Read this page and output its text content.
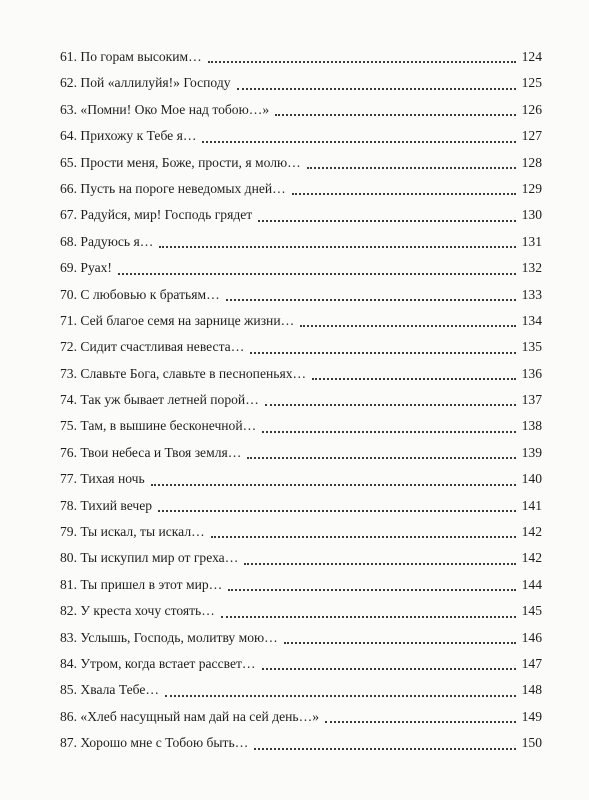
61. По горам высоким…	124
62. Пой «аллилуйя!» Господу	125
63. «Помни! Око Мое над тобою…»	126
64. Прихожу к Тебе я…	127
65. Прости меня, Боже, прости, я молю…	128
66. Пусть на пороге неведомых дней…	129
67. Радуйся, мир! Господь грядет	130
68. Радуюсь я…	131
69. Руах!	132
70. С любовью к братьям…	133
71. Сей благое семя на зарнице жизни…	134
72. Сидит счастливая невеста…	135
73. Славьте Бога, славьте в песнопеньях…	136
74. Так уж бывает летней порой…	137
75. Там, в вышине бесконечной…	138
76. Твои небеса и Твоя земля…	139
77. Тихая ночь	140
78. Тихий вечер	141
79. Ты искал, ты искал…	142
80. Ты искупил мир от греха…	142
81. Ты пришел в этот мир…	144
82. У креста хочу стоять…	145
83. Услышь, Господь, молитву мою…	146
84. Утром, когда встает рассвет…	147
85. Хвала Тебе…	148
86. «Хлеб насущный нам дай на сей день…»	149
87. Хорошо мне с Тобою быть…	150
